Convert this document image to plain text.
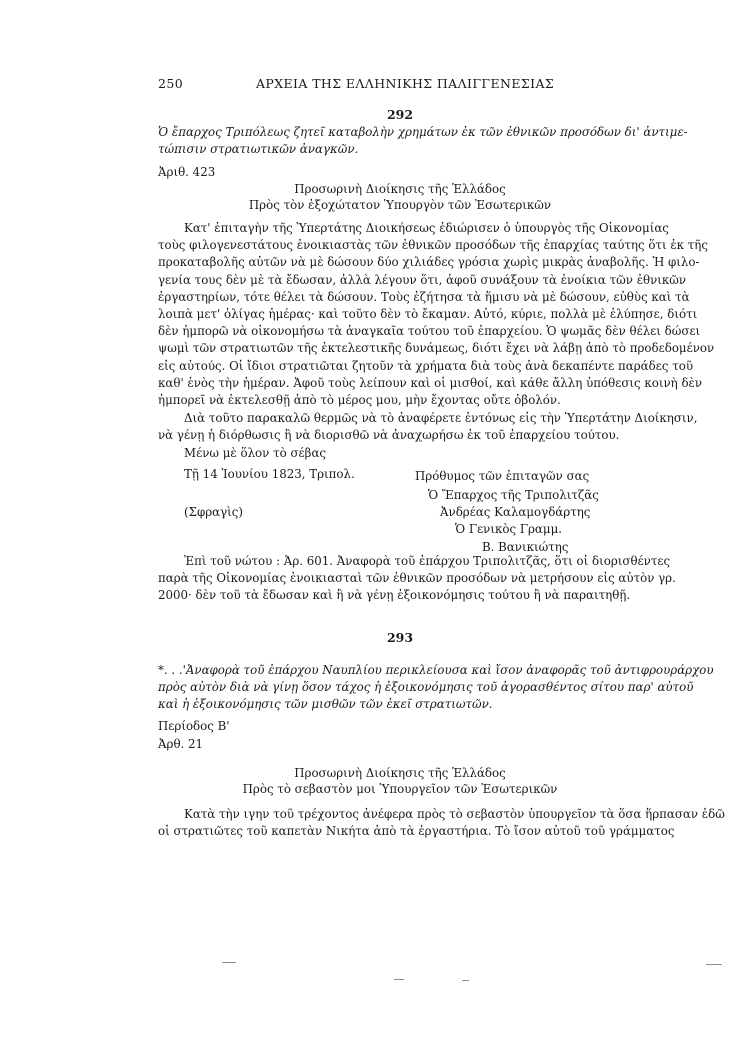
250	ΑΡΧΕΙΑ ΤΗΣ ΕΛΛΗΝΙΚΗΣ ΠΑΛΙΓΓΕΝΕΣΙΑΣ
292
Ὁ ἔπαρχος Τριπόλεως ζητεῖ καταβολὴν χρημάτων ἐκ τῶν ἐθνικῶν προσόδων δι' ἀντιμε-
τώπισιν στρατιωτικῶν ἀναγκῶν.
Ἀριθ. 423
Προσωρινὴ Διοίκησις τῆς Ἑλλάδος
Πρὸς τὸν ἐξοχώτατον Ὑπουργὸν τῶν Ἐσωτερικῶν
Κατ' ἐπιταγὴν τῆς Ὑπερτάτης Διοικήσεως ἐδιώρισεν ὁ ὑπουργὸς τῆς Οἰκονομίας
τοὺς φιλογενεστάτους ἐνοικιαστὰς τῶν ἐθνικῶν προσόδων τῆς ἐπαρχίας ταύτης ὅτι ἐκ τῆς
προκαταβολῆς αὐτῶν νὰ μὲ δώσουν δύο χιλιάδες γρόσια χωρὶς μικρὰς ἀναβολῆς. Ἡ φιλο-
γενία τους δὲν μὲ τὰ ἔδωσαν, ἀλλὰ λέγουν ὅτι, ἀφοῦ συνάξουν τὰ ἐνοίκια τῶν ἐθνικῶν
ἐργαστηρίων, τότε θέλει τὰ δώσουν. Τοὺς ἐζήτησα τὰ ἥμισυ νὰ μὲ δώσουν, εὐθὺς καὶ τὰ
λοιπὰ μετ' ὀλίγας ἡμέρας· καὶ τοῦτο δὲν τὸ ἔκαμαν. Αὐτό, κύριε, πολλὰ μὲ ἐλύπησε, διότι
δὲν ἠμπορῶ νὰ οἰκονομήσω τὰ ἀναγκαῖα τούτου τοῦ ἐπαρχείου. Ὁ ψωμᾶς δὲν θέλει δώσει
ψωμὶ τῶν στρατιωτῶν τῆς ἐκτελεστικῆς δυνάμεως, διότι ἔχει νὰ λάβῃ ἀπὸ τὸ προδεδομένον
εἰς αὐτούς. Οἱ ἴδιοι στρατιῶται ζητοῦν τὰ χρήματα διὰ τοὺς ἀνὰ δεκαπέντε παράδες τοῦ
καθ' ἑνὸς τὴν ἡμέραν. Ἀφοῦ τοὺς λείπουν καὶ οἱ μισθοί, καὶ κάθε ἄλλη ὑπόθεσις κοινὴ δὲν
ἠμπορεῖ νὰ ἐκτελεσθῇ ἀπὸ τὸ μέρος μου, μὴν ἔχοντας οὔτε ὀβολόν.
Διὰ τοῦτο παρακαλῶ θερμῶς νὰ τὸ ἀναφέρετε ἐντόνως εἰς τὴν Ὑπερτάτην Διοίκησιν,
νὰ γένῃ ἡ διόρθωσις ἢ νὰ διορισθῶ νὰ ἀναχωρήσω ἐκ τοῦ ἐπαρχείου τούτου.
Μένω μὲ ὅλον τὸ σέβας
Τῇ 14 Ἰουνίου 1823, Τριπολ.	Πρόθυμος τῶν ἐπιταγῶν σας
Ὁ Ἔπαρχος τῆς Τριπολιτζᾶς
(Σφραγὶς)	Ἀνδρέας Καλαμογδάρτης
Ὁ Γενικὸς Γραμμ.
Β. Βανικιώτης
Ἐπὶ τοῦ νώτου : Ἀρ. 601. Ἀναφορὰ τοῦ ἐπάρχου Τριπολιτζᾶς, ὅτι οἱ διορισθέντες
παρὰ τῆς Οἰκονομίας ἐνοικιασταὶ τῶν ἐθνικῶν προσόδων νὰ μετρήσουν εἰς αὐτὸν γρ.
2000· δὲν τοῦ τὰ ἔδωσαν καὶ ἢ νὰ γένῃ ἐξοικονόμησις τούτου ἢ νὰ παραιτηθῇ.
293
*. . .'Ἀναφορὰ τοῦ ἐπάρχου Ναυπλίου περικλείουσα καὶ ἴσον ἀναφορᾶς τοῦ ἀντιφρουράρχου
πρὸς αὐτὸν διὰ νὰ γίνῃ ὅσον τάχος ἡ ἐξοικονόμησις τοῦ ἀγορασθέντος σίτου παρ' αὐτοῦ
καὶ ἡ ἐξοικονόμησις τῶν μισθῶν τῶν ἐκεῖ στρατιωτῶν.
Περίοδος Β'
Ἀρθ. 21
Προσωρινὴ Διοίκησις τῆς Ἑλλάδος
Πρὸς τὸ σεβαστὸν μοι Ὑπουργεῖον τῶν Ἐσωτερικῶν
Κατὰ τὴν ιγην τοῦ τρέχοντος ἀνέφερα πρὸς τὸ σεβαστὸν ὑπουργεῖον τὰ ὅσα ἥρπασαν ἐδῶ
οἱ στρατιῶτες τοῦ καπετὰν Νικήτα ἀπὸ τὰ ἐργαστήρια. Τὸ ἴσον αὐτοῦ τοῦ γράμματος
